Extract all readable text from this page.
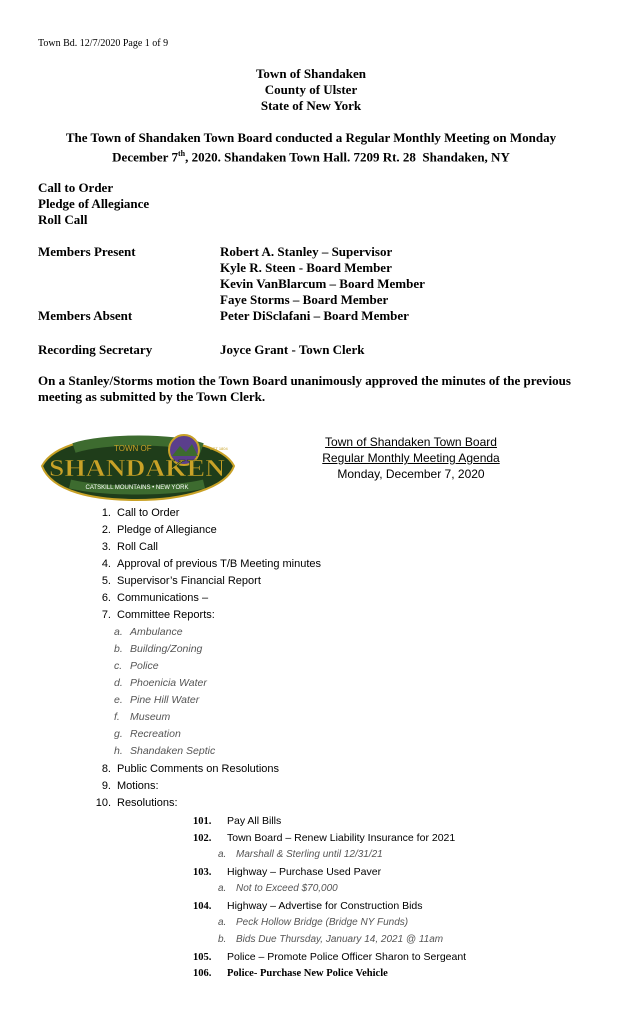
Town Bd. 12/7/2020 Page 1 of 9
Town of Shandaken
County of Ulster
State of New York
The Town of Shandaken Town Board conducted a Regular Monthly Meeting on Monday
December 7th, 2020. Shandaken Town Hall. 7209 Rt. 28  Shandaken, NY
Call to Order
Pledge of Allegiance
Roll Call
Members Present	Robert A. Stanley – Supervisor
Kyle R. Steen - Board Member
Kevin VanBlarcum – Board Member
Faye Storms – Board Member
Members Absent	Peter DiSclafani – Board Member
Recording Secretary	Joyce Grant - Town Clerk
On a Stanley/Storms motion the Town Board unanimously approved the minutes of the previous meeting as submitted by the Town Clerk.
TOWN OF	EST 1804
SHANDAKEN
CATSKILL MOUNTAINS • NEW YORK
Town of Shandaken Town Board
Regular Monthly Meeting Agenda
Monday, December 7, 2020
1. Call to Order
2. Pledge of Allegiance
3. Roll Call
4. Approval of previous T/B Meeting minutes
5. Supervisor’s Financial Report
6. Communications –
7. Committee Reports:
a. Ambulance
b. Building/Zoning
c. Police
d. Phoenicia Water
e. Pine Hill Water
f. Museum
g. Recreation
h. Shandaken Septic
8. Public Comments on Resolutions
9. Motions:
10. Resolutions:
101. Pay All Bills
102. Town Board – Renew Liability Insurance for 2021
a. Marshall & Sterling until 12/31/21
103. Highway – Purchase Used Paver
a. Not to Exceed $70,000
104. Highway – Advertise for Construction Bids
a. Peck Hollow Bridge (Bridge NY Funds)
b. Bids Due Thursday, January 14, 2021 @ 11am
105. Police – Promote Police Officer Sharon to Sergeant
106. Police- Purchase New Police Vehicle
